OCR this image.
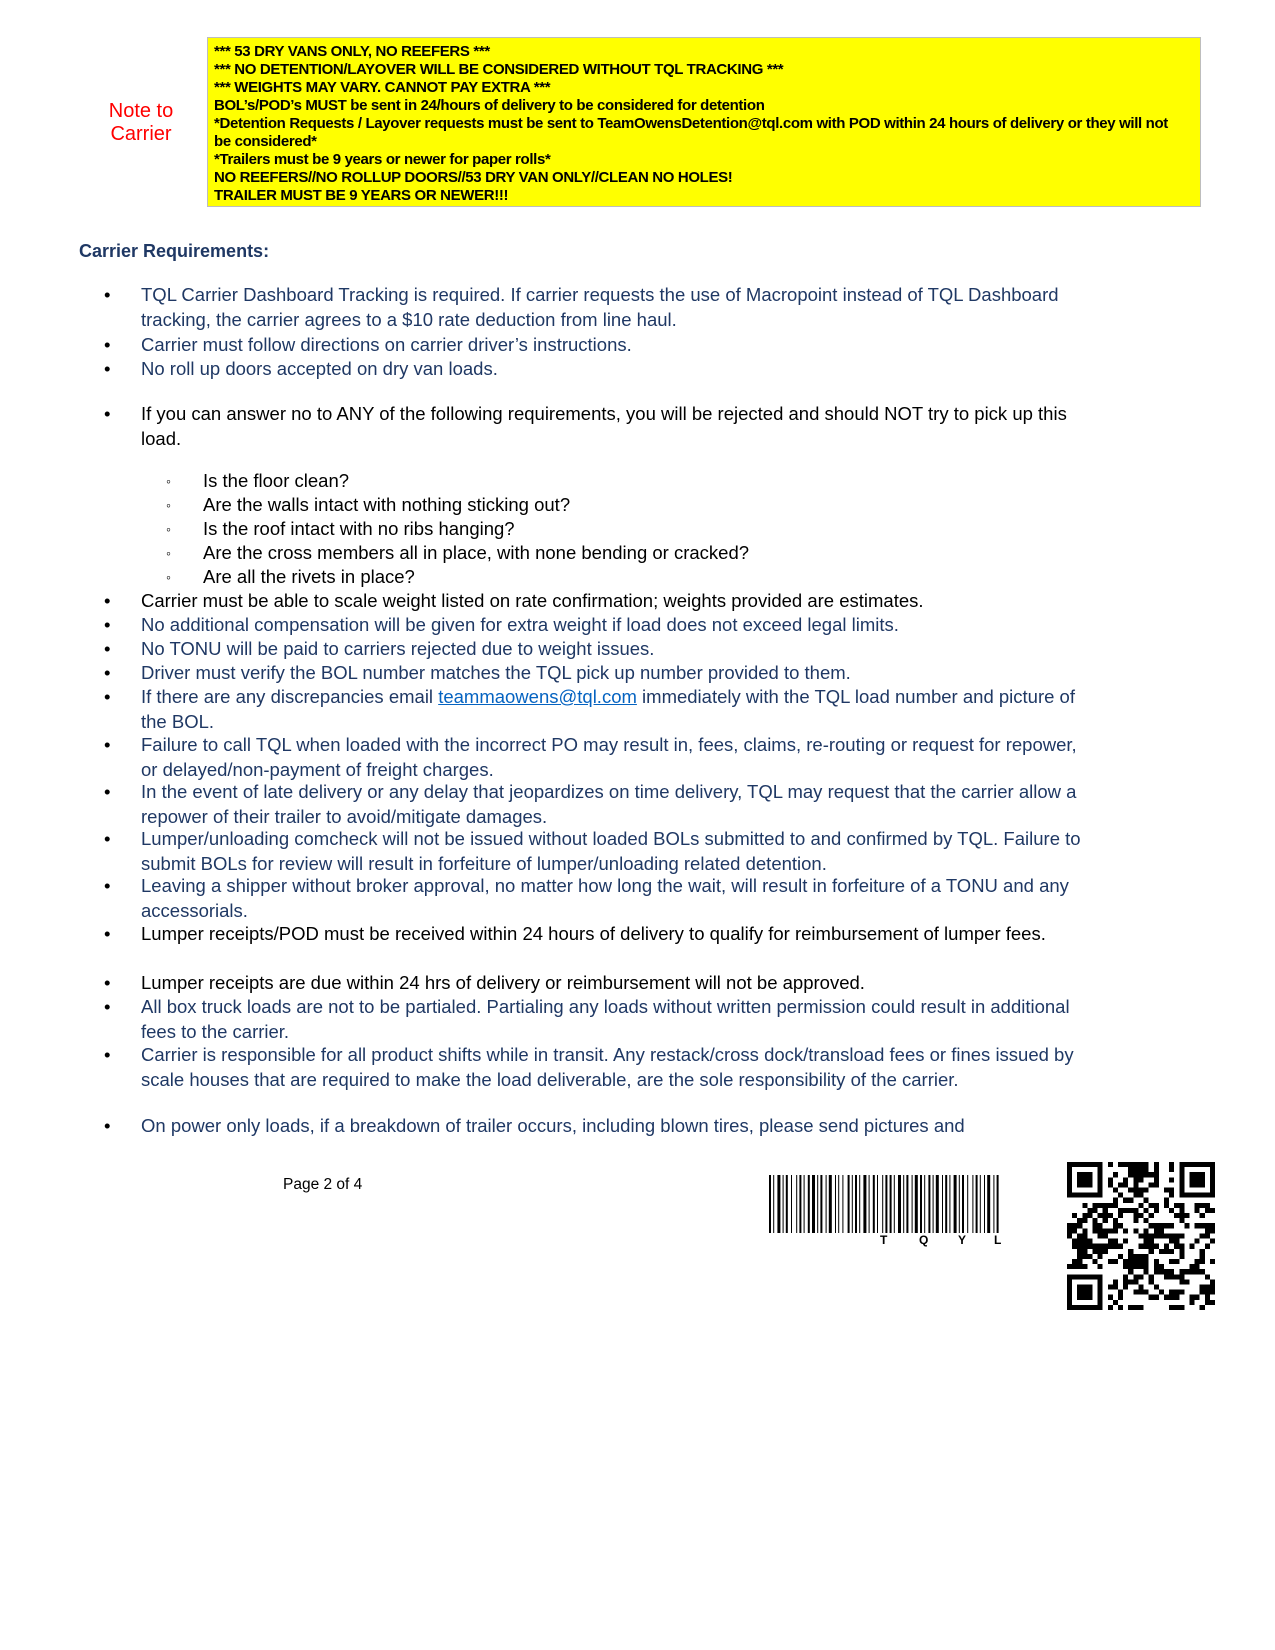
Note to
Carrier
*** 53 DRY VANS ONLY, NO REEFERS ***
*** NO DETENTION/LAYOVER WILL BE CONSIDERED WITHOUT TQL TRACKING ***
*** WEIGHTS MAY VARY. CANNOT PAY EXTRA ***
BOL’s/POD’s MUST be sent in 24/hours of delivery to be considered for detention
*Detention Requests / Layover requests must be sent to TeamOwensDetention@tql.com with POD within 24 hours of delivery or they will not be considered*
*Trailers must be 9 years or newer for paper rolls*
NO REEFERS//NO ROLLUP DOORS//53 DRY VAN ONLY//CLEAN NO HOLES!
TRAILER MUST BE 9 YEARS OR NEWER!!!
Carrier Requirements:
•	TQL Carrier Dashboard Tracking is required. If carrier requests the use of Macropoint instead of TQL Dashboard tracking, the carrier agrees to a $10 rate deduction from line haul.
•	Carrier must follow directions on carrier driver’s instructions.
•	No roll up doors accepted on dry van loads.
•	If you can answer no to ANY of the following requirements, you will be rejected and should NOT try to pick up this load.
◦	Is the floor clean?
◦	Are the walls intact with nothing sticking out?
◦	Is the roof intact with no ribs hanging?
◦	Are the cross members all in place, with none bending or cracked?
◦	Are all the rivets in place?
•	Carrier must be able to scale weight listed on rate confirmation; weights provided are estimates.
•	No additional compensation will be given for extra weight if load does not exceed legal limits.
•	No TONU will be paid to carriers rejected due to weight issues.
•	Driver must verify the BOL number matches the TQL pick up number provided to them.
•	If there are any discrepancies email teammaowens@tql.com immediately with the TQL load number and picture of the BOL.
•	Failure to call TQL when loaded with the incorrect PO may result in, fees, claims, re-routing or request for repower, or delayed/non-payment of freight charges.
•	In the event of late delivery or any delay that jeopardizes on time delivery, TQL may request that the carrier allow a repower of their trailer to avoid/mitigate damages.
•	Lumper/unloading comcheck will not be issued without loaded BOLs submitted to and confirmed by TQL. Failure to submit BOLs for review will result in forfeiture of lumper/unloading related detention.
•	Leaving a shipper without broker approval, no matter how long the wait, will result in forfeiture of a TONU and any accessorials.
•	Lumper receipts/POD must be received within 24 hours of delivery to qualify for reimbursement of lumper fees.
•	Lumper receipts are due within 24 hrs of delivery or reimbursement will not be approved.
•	All box truck loads are not to be partialed. Partialing any loads without written permission could result in additional fees to the carrier.
•	Carrier is responsible for all product shifts while in transit. Any restack/cross dock/transload fees or fines issued by scale houses that are required to make the load deliverable, are the sole responsibility of the carrier.
•	On power only loads, if a breakdown of trailer occurs, including blown tires, please send pictures and
Page 2 of 4
T	Q Y L
